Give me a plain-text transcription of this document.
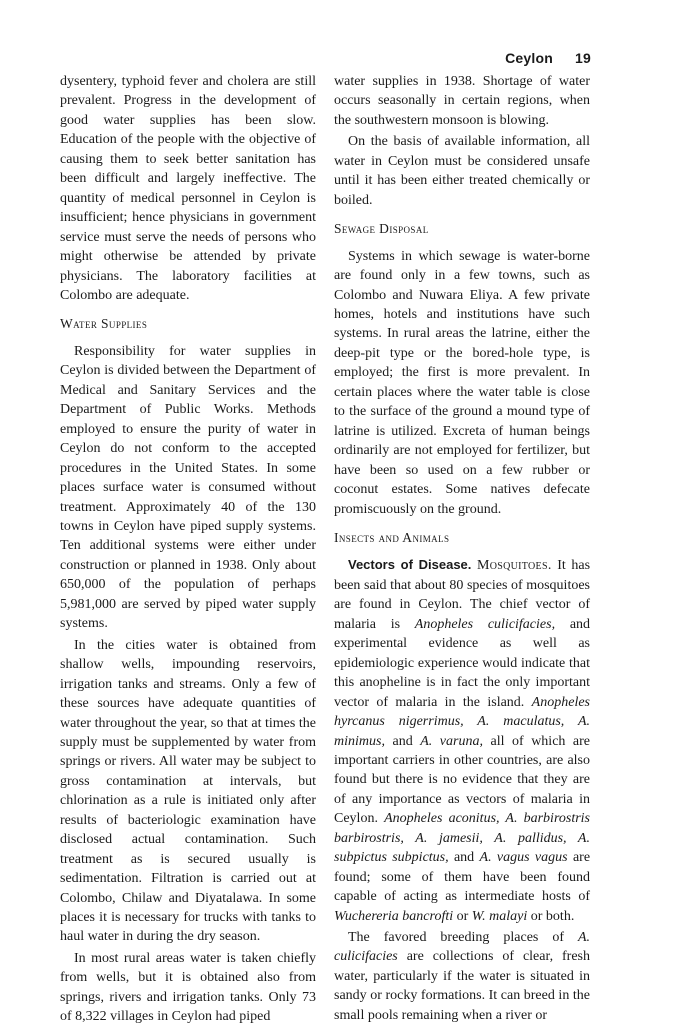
Ceylon 19

dysentery, typhoid fever and cholera are still prevalent. Progress in the development of good water supplies has been slow. Education of the people with the objective of causing them to seek better sanitation has been difficult and largely ineffective. The quantity of medical personnel in Ceylon is insufficient; hence physicians in government service must serve the needs of persons who might otherwise be attended by private physicians. The laboratory facilities at Colombo are adequate.

Water Supplies

Responsibility for water supplies in Ceylon is divided between the Department of Medical and Sanitary Services and the Department of Public Works. Methods employed to ensure the purity of water in Ceylon do not conform to the accepted procedures in the United States. In some places surface water is consumed without treatment. Approximately 40 of the 130 towns in Ceylon have piped supply systems. Ten additional systems were either under construction or planned in 1938. Only about 650,000 of the population of perhaps 5,981,000 are served by piped water supply systems.

In the cities water is obtained from shallow wells, impounding reservoirs, irrigation tanks and streams. Only a few of these sources have adequate quantities of water throughout the year, so that at times the supply must be supplemented by water from springs or rivers. All water may be subject to gross contamination at intervals, but chlorination as a rule is initiated only after results of bacteriologic examination have disclosed actual contamination. Such treatment as is secured usually is sedimentation. Filtration is carried out at Colombo, Chilaw and Diyatalawa. In some places it is necessary for trucks with tanks to haul water in during the dry season.

In most rural areas water is taken chiefly from wells, but it is obtained also from springs, rivers and irrigation tanks. Only 73 of 8,322 villages in Ceylon had piped

water supplies in 1938. Shortage of water occurs seasonally in certain regions, when the southwestern monsoon is blowing.

On the basis of available information, all water in Ceylon must be considered unsafe until it has been either treated chemically or boiled.

Sewage Disposal

Systems in which sewage is water-borne are found only in a few towns, such as Colombo and Nuwara Eliya. A few private homes, hotels and institutions have such systems. In rural areas the latrine, either the deep-pit type or the bored-hole type, is employed; the first is more prevalent. In certain places where the water table is close to the surface of the ground a mound type of latrine is utilized. Excreta of human beings ordinarily are not employed for fertilizer, but have been so used on a few rubber or coconut estates. Some natives defecate promiscuously on the ground.

Insects and Animals

Vectors of Disease. Mosquitoes. It has been said that about 80 species of mosquitoes are found in Ceylon. The chief vector of malaria is Anopheles culicifacies, and experimental evidence as well as epidemiologic experience would indicate that this anopheline is in fact the only important vector of malaria in the island. Anopheles hyrcanus nigerrimus, A. maculatus, A. minimus, and A. varuna, all of which are important carriers in other countries, are also found but there is no evidence that they are of any importance as vectors of malaria in Ceylon. Anopheles aconitus, A. barbirostris barbirostris, A. jamesii, A. pallidus, A. subpictus subpictus, and A. vagus vagus are found; some of them have been found capable of acting as intermediate hosts of Wuchereria bancrofti or W. malayi or both.

The favored breeding places of A. culicifacies are collections of clear, fresh water, particularly if the water is situated in sandy or rocky formations. It can breed in the small pools remaining when a river or
